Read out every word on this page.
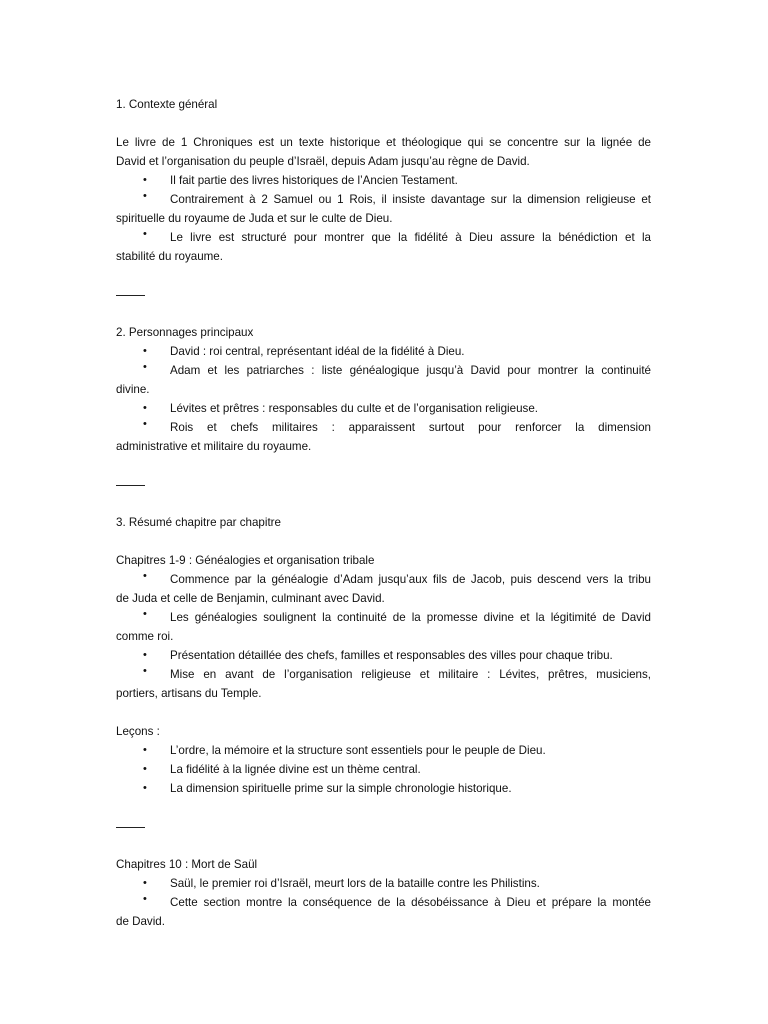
1. Contexte général
Le livre de 1 Chroniques est un texte historique et théologique qui se concentre sur la lignée de
David et l’organisation du peuple d’Israël, depuis Adam jusqu’au règne de David.
• Il fait partie des livres historiques de l’Ancien Testament.
• Contrairement à 2 Samuel ou 1 Rois, il insiste davantage sur la dimension religieuse et
spirituelle du royaume de Juda et sur le culte de Dieu.
• Le livre est structuré pour montrer que la fidélité à Dieu assure la bénédiction et la
stabilité du royaume.
2. Personnages principaux
• David : roi central, représentant idéal de la fidélité à Dieu.
• Adam et les patriarches : liste généalogique jusqu’à David pour montrer la continuité
divine.
• Lévites et prêtres : responsables du culte et de l’organisation religieuse.
• Rois et chefs militaires : apparaissent surtout pour renforcer la dimension
administrative et militaire du royaume.
3. Résumé chapitre par chapitre
Chapitres 1-9 : Généalogies et organisation tribale
• Commence par la généalogie d’Adam jusqu’aux fils de Jacob, puis descend vers la tribu
de Juda et celle de Benjamin, culminant avec David.
• Les généalogies soulignent la continuité de la promesse divine et la légitimité de David
comme roi.
• Présentation détaillée des chefs, familles et responsables des villes pour chaque tribu.
• Mise en avant de l’organisation religieuse et militaire : Lévites, prêtres, musiciens,
portiers, artisans du Temple.
Leçons :
• L’ordre, la mémoire et la structure sont essentiels pour le peuple de Dieu.
• La fidélité à la lignée divine est un thème central.
• La dimension spirituelle prime sur la simple chronologie historique.
Chapitres 10 : Mort de Saül
• Saül, le premier roi d’Israël, meurt lors de la bataille contre les Philistins.
• Cette section montre la conséquence de la désobéissance à Dieu et prépare la montée
de David.
